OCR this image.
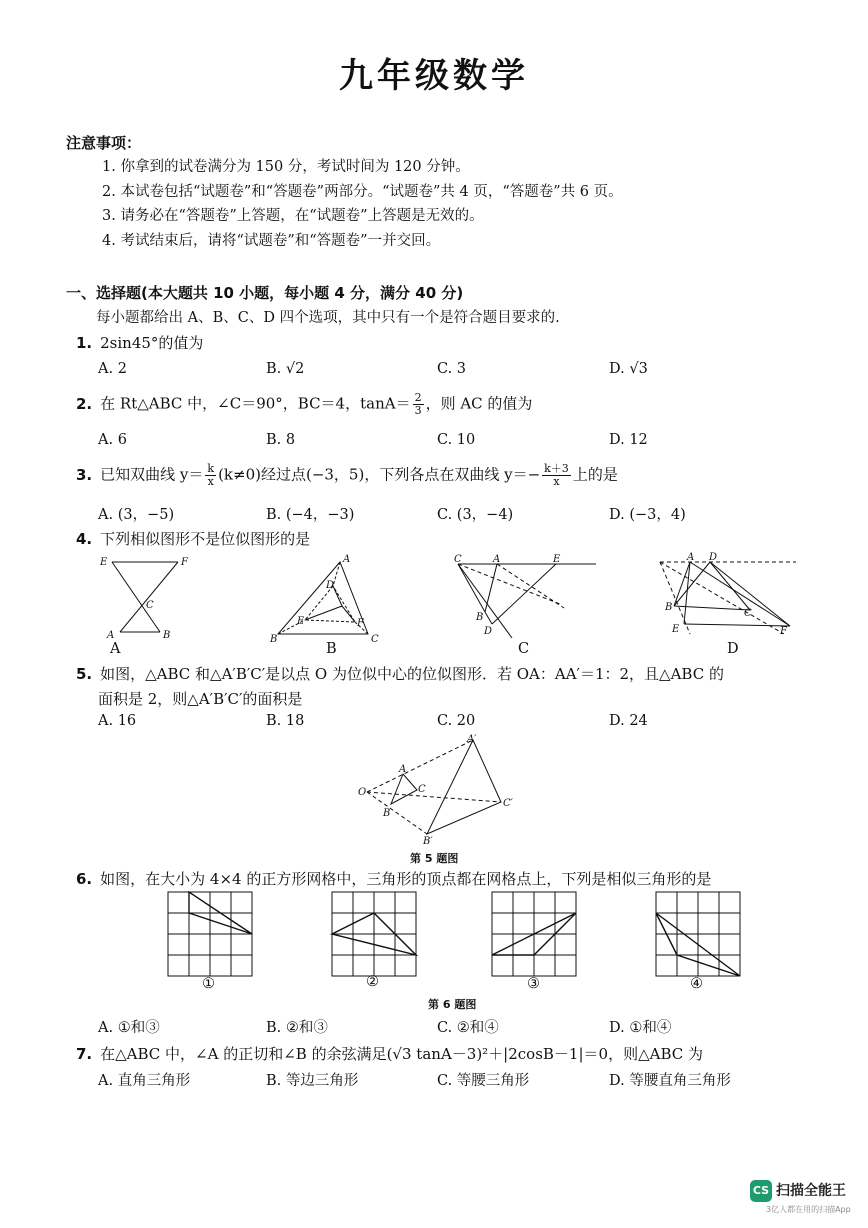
九年级数学
注意事项：
1. 你拿到的试卷满分为 150 分，考试时间为 120 分钟。
2. 本试卷包括“试题卷”和“答题卷”两部分。“试题卷”共 4 页，“答题卷”共 6 页。
3. 请务必在“答题卷”上答题，在“试题卷”上答题是无效的。
4. 考试结束后，请将“试题卷”和“答题卷”一并交回。
一、选择题(本大题共 10 小题，每小题 4 分，满分 40 分)
每小题都给出 A、B、C、D 四个选项，其中只有一个是符合题目要求的.
1. 2sin45°的值为
A. 2	B. √2	C. 3	D. √3
2. 在 Rt△ABC 中，∠C＝90°，BC＝4，$\tan A= \frac{2}{3}$ ，则 AC 的值为
A. 6	B. 8	C. 10	D. 12
3. 已知双曲线 $y= \frac{k}{x} (k\ne 0)$经过点(−3，5)，下列各点在双曲线 $y=- \frac{k+3}{x}$ 上的是
A. (3，−5)	B. (−4，−3)	C. (3，−4)	D. (−3，4)
4. 下列相似图形不是位似图形的是
E	F
C
A	B
A
D
E	F
B	C
C	A	E
B
D
A D
B
C
E	F
A	B	C	D
5. 如图，△ABC 和△A′B′C′是以点 O 为位似中心的位似图形．若 OA：AA′＝1：2，且△ABC 的
面积是 2，则△A′B′C′的面积是
A. 16	B. 18	C. 20	D. 24
O
A
B
C
A′
B′
C′
第 5 题图
6. 如图，在大小为 4×4 的正方形网格中，三角形的顶点都在网格点上，下列是相似三角形的是
①	②	③	④
第 6 题图
A. ①和③	B. ②和③	C. ②和④	D. ①和④
7. 在△ABC 中，∠A 的正切和∠B 的余弦满足(√3 tanA－3)²＋|2cosB－1|＝0，则△ABC 为
A. 直角三角形	B. 等边三角形	C. 等腰三角形	D. 等腰直角三角形
CS 扫描全能王
3亿人都在用的扫描App
